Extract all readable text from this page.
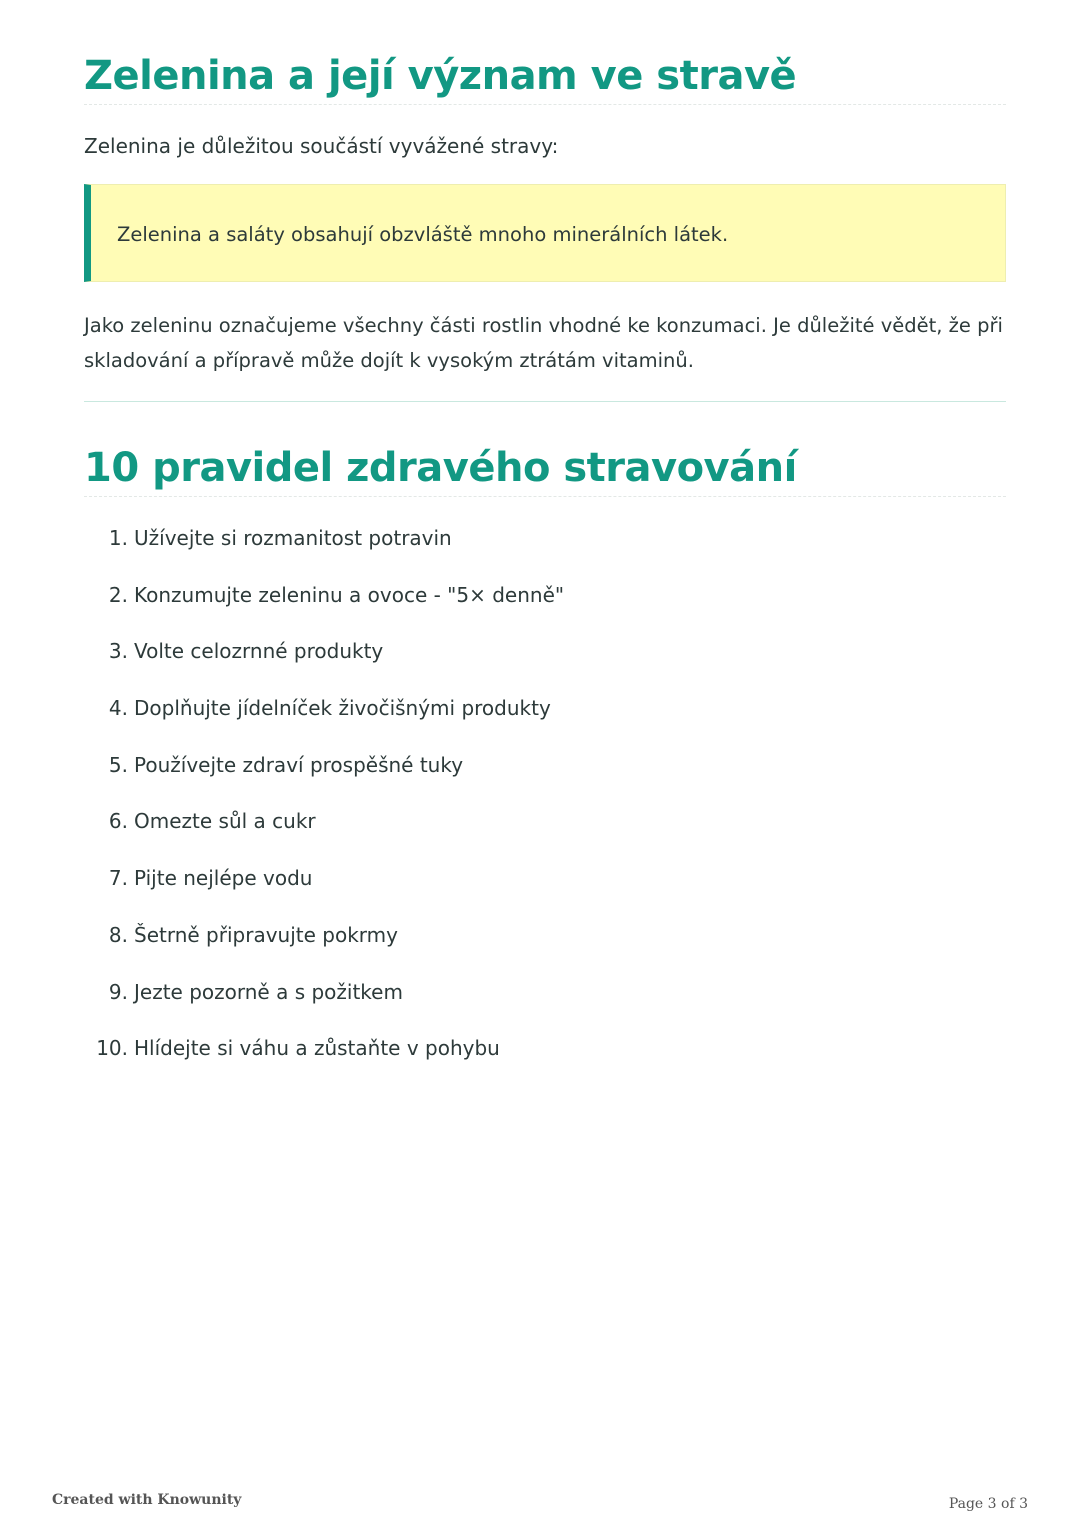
Zelenina a její význam ve stravě

Zelenina je důležitou součástí vyvážené stravy:

Zelenina a saláty obsahují obzvláště mnoho minerálních látek.

Jako zeleninu označujeme všechny části rostlin vhodné ke konzumaci. Je důležité vědět, že při skladování a přípravě může dojít k vysokým ztrátám vitaminů.

10 pravidel zdravého stravování
1. Užívejte si rozmanitost potravin
2. Konzumujte zeleninu a ovoce - "5× denně"
3. Volte celozrnné produkty
4. Doplňujte jídelníček živočišnými produkty
5. Používejte zdraví prospěšné tuky
6. Omezte sůl a cukr
7. Pijte nejlépe vodu
8. Šetrně připravujte pokrmy
9. Jezte pozorně a s požitkem
10. Hlídejte si váhu a zůstaňte v pohybu
Created with Knowunity	Page 3 of 3
